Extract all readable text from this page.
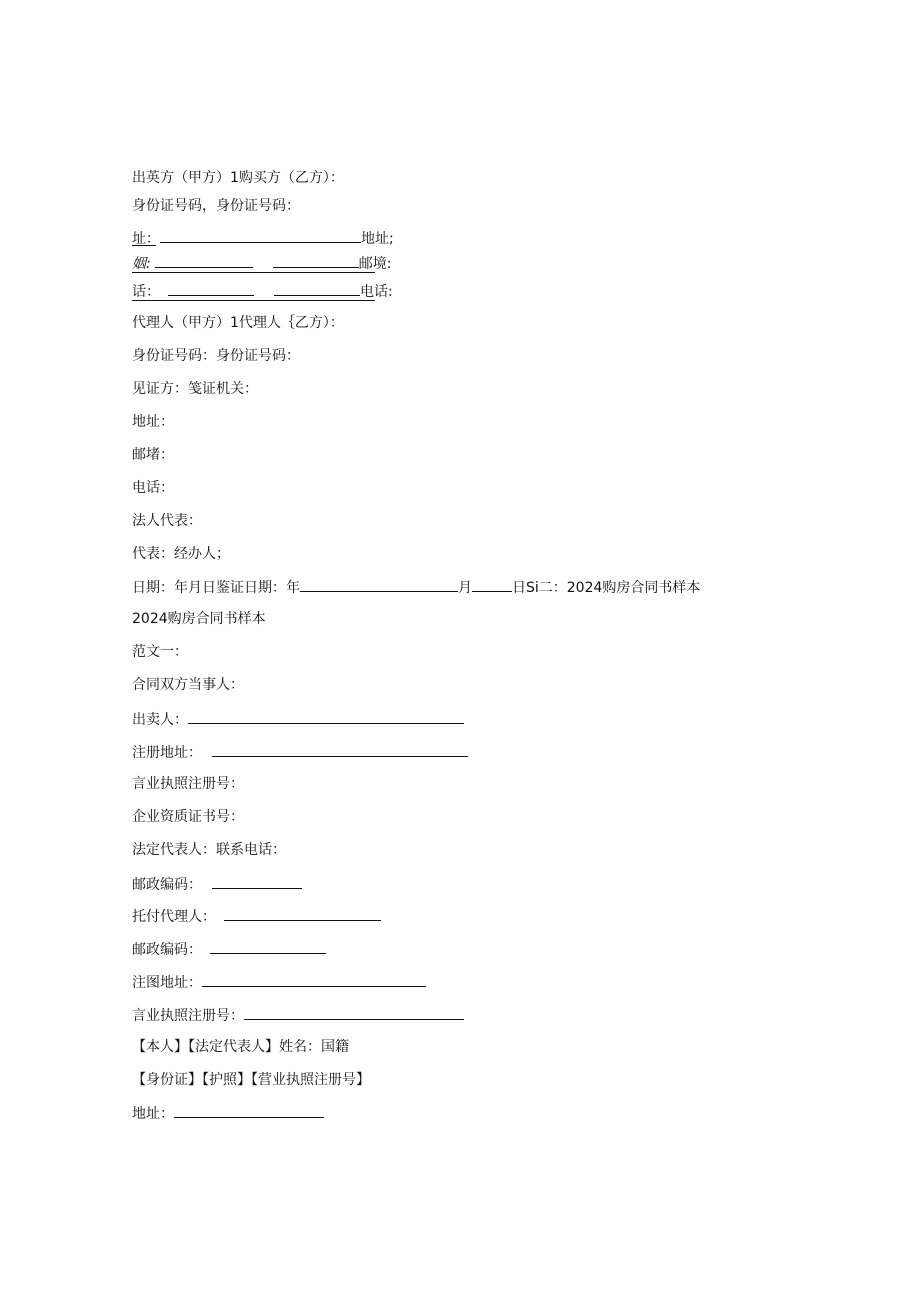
出英方（甲方）1购买方（乙方）：
身份证号码，身份证号码：
址：	地址;
姻:	邮境:
话：	电话:
代理人（甲方）1代理人｛乙方）：
身份证号码：身份证号码：
见证方：笺证机关：
地址：
邮堵：
电话：
法人代表：
代表：经办人；
日期：年月日鉴证日期：年	月	日Si二：2024购房合同书样本
2024购房合同书样本
范文一：
合同双方当事人：
出卖人：
注册地址：
言业执照注册号：
企业资质证书号：
法定代表人：联系电话：
邮政编码：
托付代理人：
邮政编码：
注图地址：
言业执照注册号：
【本人】【法定代表人】姓名：国籍
【身份证】【护照】【营业执照注册号】
地址：
